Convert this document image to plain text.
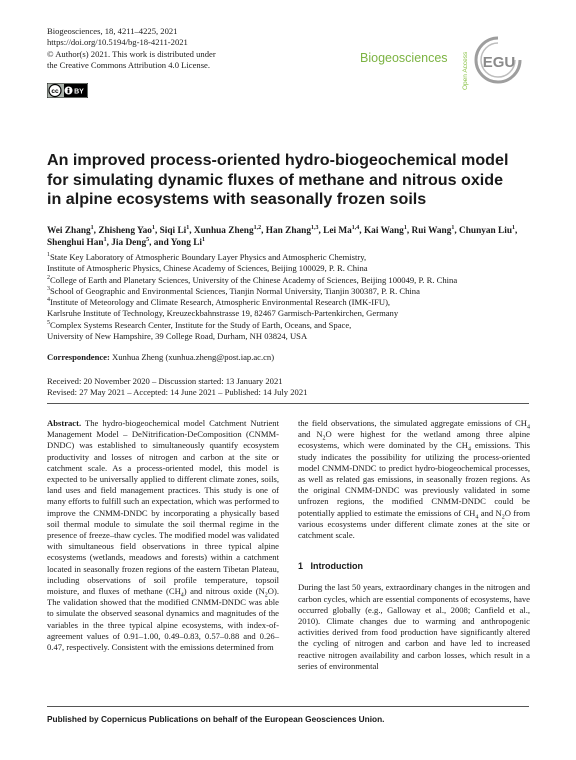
Biogeosciences, 18, 4211–4225, 2021
https://doi.org/10.5194/bg-18-4211-2021
© Author(s) 2021. This work is distributed under
the Creative Commons Attribution 4.0 License.
cc BY
Biogeosciences Open Access EGU
An improved process-oriented hydro-biogeochemical model for simulating dynamic fluxes of methane and nitrous oxide in alpine ecosystems with seasonally frozen soils
Wei Zhang$^1$, Zhisheng Yao$^1$, Siqi Li$^1$, Xunhua Zheng$^{1,2}$, Han Zhang$^{1,3}$, Lei Ma$^{1,4}$, Kai Wang$^1$, Rui Wang$^1$, Chunyan Liu$^1$, Shenghui Han$^1$, Jia Deng$^5$, and Yong Li$^1$
$^1$State Key Laboratory of Atmospheric Boundary Layer Physics and Atmospheric Chemistry,
Institute of Atmospheric Physics, Chinese Academy of Sciences, Beijing 100029, P. R. China
$^2$College of Earth and Planetary Sciences, University of the Chinese Academy of Sciences, Beijing 100049, P. R. China
$^3$School of Geographic and Environmental Sciences, Tianjin Normal University, Tianjin 300387, P. R. China
$^4$Institute of Meteorology and Climate Research, Atmospheric Environmental Research (IMK-IFU),
Karlsruhe Institute of Technology, Kreuzeckbahnstrasse 19, 82467 Garmisch-Partenkirchen, Germany
$^5$Complex Systems Research Center, Institute for the Study of Earth, Oceans, and Space,
University of New Hampshire, 39 College Road, Durham, NH 03824, USA
Correspondence: Xunhua Zheng (xunhua.zheng@post.iap.ac.cn)
Received: 20 November 2020 – Discussion started: 13 January 2021
Revised: 27 May 2021 – Accepted: 14 June 2021 – Published: 14 July 2021

Abstract. The hydro-biogeochemical model Catchment Nutrient Management Model – DeNitrification-DeComposition (CNMM-DNDC) was established to simultaneously quantify ecosystem productivity and losses of nitrogen and carbon at the site or catchment scale. As a process-oriented model, this model is expected to be universally applied to different climate zones, soils, land uses and field management practices. This study is one of many efforts to fulfill such an expectation, which was performed to improve the CNMM-DNDC by incorporating a physically based soil thermal module to simulate the soil thermal regime in the presence of freeze–thaw cycles. The modified model was validated with simultaneous field observations in three typical alpine ecosystems (wetlands, meadows and forests) within a catchment located in seasonally frozen regions of the eastern Tibetan Plateau, including observations of soil profile temperature, topsoil moisture, and fluxes of methane $(CH_4)$ and nitrous oxide $(N_2O)$. The validation showed that the modified CNMM-DNDC was able to simulate the observed seasonal dynamics and magnitudes of the variables in the three typical alpine ecosystems, with index-of-agreement values of 0.91–1.00, 0.49–0.83, 0.57–0.88 and 0.26–0.47, respectively. Consistent with the emissions determined from

the field observations, the simulated aggregate emissions of $CH_4$ and $N_2O$ were highest for the wetland among three alpine ecosystems, which were dominated by the $CH_4$ emissions. This study indicates the possibility for utilizing the process-oriented model CNMM-DNDC to predict hydro-biogeochemical processes, as well as related gas emissions, in seasonally frozen regions. As the original CNMM-DNDC was previously validated in some unfrozen regions, the modified CNMM-DNDC could be potentially applied to estimate the emissions of $CH_4$ and $N_2O$ from various ecosystems under different climate zones at the site or catchment scale.

1 Introduction

During the last 50 years, extraordinary changes in the nitrogen and carbon cycles, which are essential components of ecosystems, have occurred globally (e.g., Galloway et al., 2008; Canfield et al., 2010). Climate changes due to warming and anthropogenic activities derived from food production have significantly altered the cycling of nitrogen and carbon and have led to increased reactive nitrogen availability and carbon losses, which result in a series of environmental

Published by Copernicus Publications on behalf of the European Geosciences Union.
